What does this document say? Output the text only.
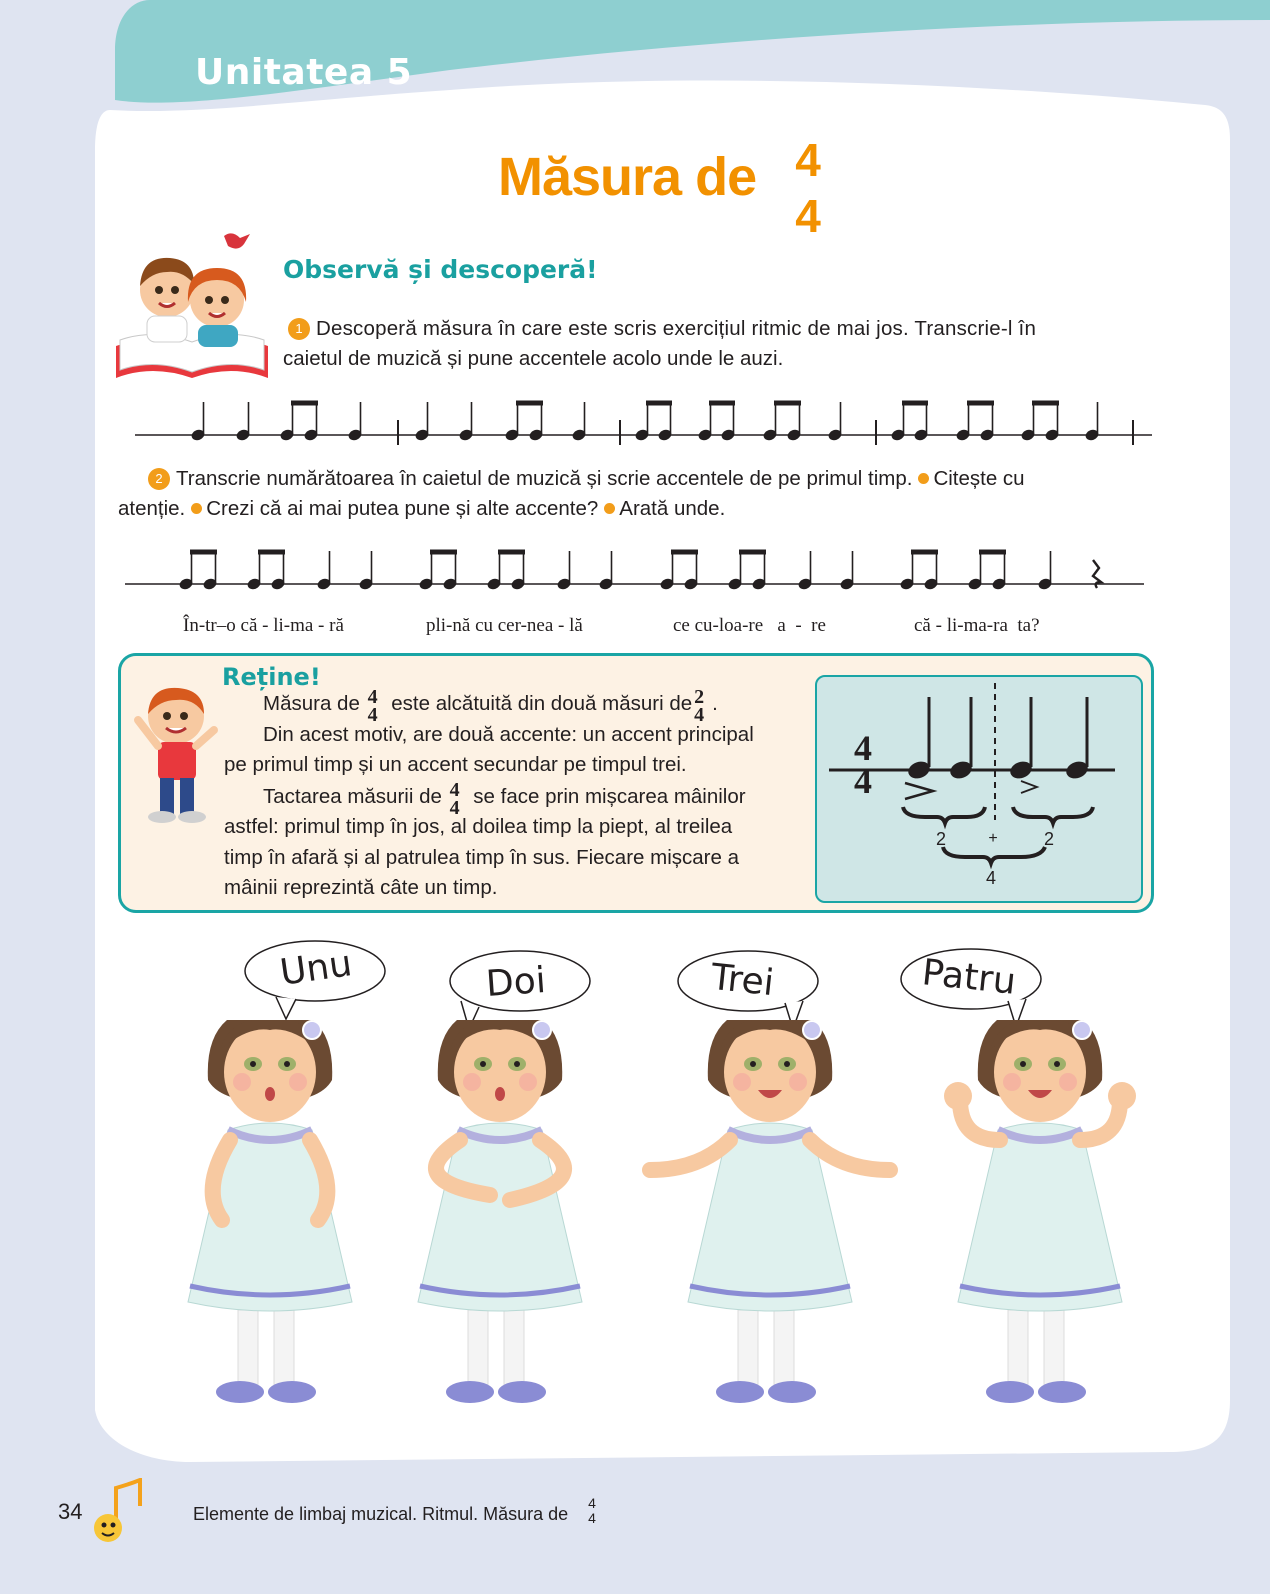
Unitatea 5
Măsura de 4
4
Observă și descoperă!
1 Descoperă măsura în care este scris exercițiul ritmic de mai jos. Transcrie-l în
caietul de muzică și pune accentele acolo unde le auzi.
2 Transcrie numărătoarea în caietul de muzică și scrie accentele de pe primul timp. Citește cu
atenție. Crezi că ai mai putea pune și alte accente? Arată unde.
În-tr–o că - li-ma - ră	pli-nă cu cer-nea - lă	ce cu-loa-re   a  -  re	că - li-ma-ra  ta?
Reține!
Măsura de 4
4 este alcătuită din două măsuri de 2
4 .
Din acest motiv, are două accente: un accent principal
pe primul timp și un accent secundar pe timpul trei.
Tactarea măsurii de 4
4 se face prin mișcarea mâinilor
astfel: primul timp în jos, al doilea timp la piept, al treilea
timp în afară și al patrulea timp în sus. Fiecare mișcare a
mâinii reprezintă câte un timp.
4
4
2	+	2
4
Unu	Doi	Trei	Patru
34	Elemente de limbaj muzical. Ritmul. Măsura de
4
4
